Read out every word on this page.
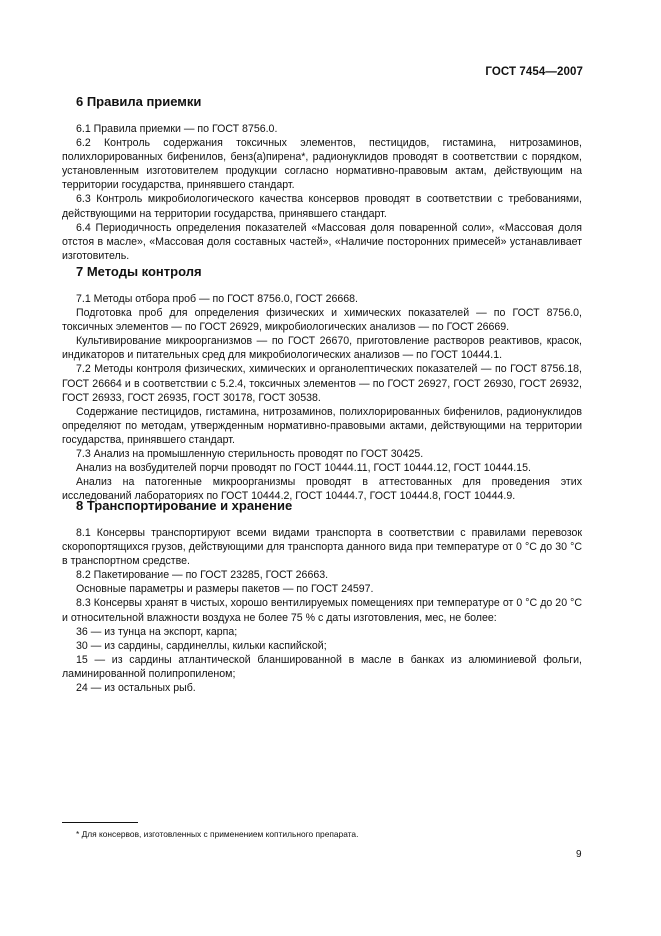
ГОСТ 7454—2007
6 Правила приемки

6.1 Правила приемки — по ГОСТ 8756.0.

6.2 Контроль содержания токсичных элементов, пестицидов, гистамина, нитрозаминов, полихлорированных бифенилов, бенз(а)пирена*, радионуклидов проводят в соответствии с порядком, установленным изготовителем продукции согласно нормативно-правовым актам, действующим на территории государства, принявшего стандарт.

6.3 Контроль микробиологического качества консервов проводят в соответствии с требованиями, действующими на территории государства, принявшего стандарт.

6.4 Периодичность определения показателей «Массовая доля поваренной соли», «Массовая доля отстоя в масле», «Массовая доля составных частей», «Наличие посторонних примесей» устанавливает изготовитель.

7 Методы контроля

7.1 Методы отбора проб — по ГОСТ 8756.0, ГОСТ 26668.

Подготовка проб для определения физических и химических показателей — по ГОСТ 8756.0, токсичных элементов — по ГОСТ 26929, микробиологических анализов — по ГОСТ 26669.

Культивирование микроорганизмов — по ГОСТ 26670, приготовление растворов реактивов, красок, индикаторов и питательных сред для микробиологических анализов — по ГОСТ 10444.1.

7.2 Методы контроля физических, химических и органолептических показателей — по ГОСТ 8756.18, ГОСТ 26664 и в соответствии с 5.2.4, токсичных элементов — по ГОСТ 26927, ГОСТ 26930, ГОСТ 26932, ГОСТ 26933, ГОСТ 26935, ГОСТ 30178, ГОСТ 30538.

Содержание пестицидов, гистамина, нитрозаминов, полихлорированных бифенилов, радионуклидов определяют по методам, утвержденным нормативно-правовыми актами, действующими на территории государства, принявшего стандарт.

7.3 Анализ на промышленную стерильность проводят по ГОСТ 30425.

Анализ на возбудителей порчи проводят по ГОСТ 10444.11, ГОСТ 10444.12, ГОСТ 10444.15.

Анализ на патогенные микроорганизмы проводят в аттестованных для проведения этих исследований лабораториях по ГОСТ 10444.2, ГОСТ 10444.7, ГОСТ 10444.8, ГОСТ 10444.9.

8 Транспортирование и хранение

8.1 Консервы транспортируют всеми видами транспорта в соответствии с правилами перевозок скоропортящихся грузов, действующими для транспорта данного вида при температуре от 0 °С до 30 °С в транспортном средстве.

8.2 Пакетирование — по ГОСТ 23285, ГОСТ 26663.

Основные параметры и размеры пакетов — по ГОСТ 24597.

8.3 Консервы хранят в чистых, хорошо вентилируемых помещениях при температуре от 0 °С до 20 °С и относительной влажности воздуха не более 75 % с даты изготовления, мес, не более:

36 — из тунца на экспорт, карпа;

30 — из сардины, сардинеллы, кильки каспийской;

15 — из сардины атлантической бланшированной в масле в банках из алюминиевой фольги, ламинированной полипропиленом;

24 — из остальных рыб.

* Для консервов, изготовленных с применением коптильного препарата.
9
